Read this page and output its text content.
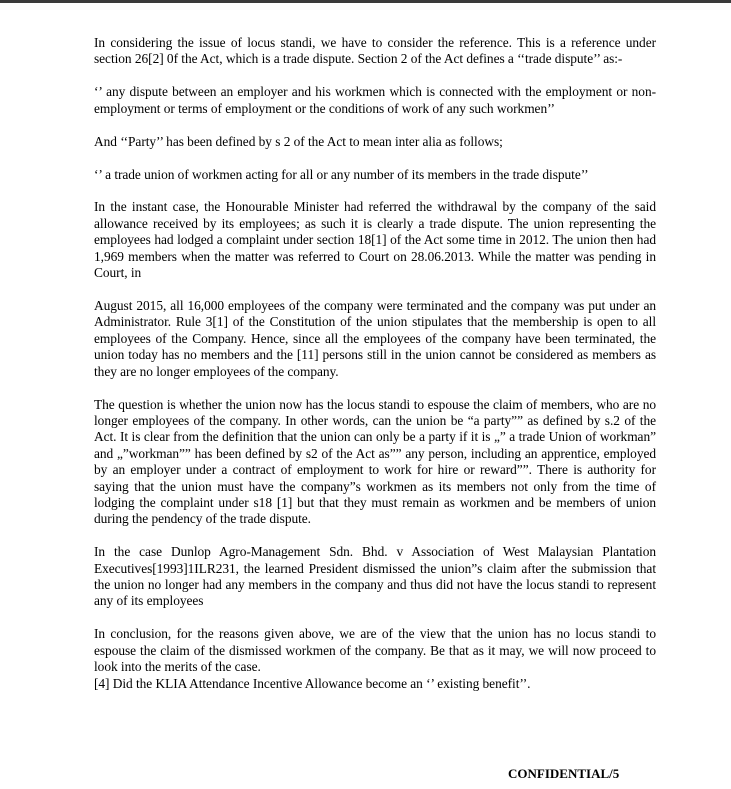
In considering the issue of locus standi, we have to consider the reference. This is a reference under section 26[2] 0f the Act, which is a trade dispute. Section 2 of the Act defines a ‘‘trade dispute’’ as:-

‘’ any dispute between an employer and his workmen which is connected with the employment or non-employment or terms of employment or the conditions of work of any such workmen’’

And ‘‘Party’’ has been defined by s 2 of the Act to mean inter alia as follows;

‘’ a trade union of workmen acting for all or any number of its members in the trade dispute’’

In the instant case, the Honourable Minister had referred the withdrawal by the company of the said allowance received by its employees; as such it is clearly a trade dispute. The union representing the employees had lodged a complaint under section 18[1] of the Act some time in 2012. The union then had 1,969 members when the matter was referred to Court on 28.06.2013. While the matter was pending in Court, in

August 2015, all 16,000 employees of the company were terminated and the company was put under an Administrator. Rule 3[1] of the Constitution of the union stipulates that the membership is open to all employees of the Company. Hence, since all the employees of the company have been terminated, the union today has no members and the [11] persons still in the union cannot be considered as members as they are no longer employees of the company.

The question is whether the union now has the locus standi to espouse the claim of members, who are no longer employees of the company. In other words, can the union be “a party”” as defined by s.2 of the Act. It is clear from the definition that the union can only be a party if it is „” a trade Union of workman” and „”workman”” has been defined by s2 of the Act as”” any person, including an apprentice, employed by an employer under a contract of employment to work for hire or reward””. There is authority for saying that the union must have the company”s workmen as its members not only from the time of lodging the complaint under s18 [1] but that they must remain as workmen and be members of union during the pendency of the trade dispute.

In the case Dunlop Agro-Management Sdn. Bhd. v Association of West Malaysian Plantation Executives[1993]1ILR231, the learned President dismissed the union”s claim after the submission that the union no longer had any members in the company and thus did not have the locus standi to represent any of its employees

In conclusion, for the reasons given above, we are of the view that the union has no locus standi to espouse the claim of the dismissed workmen of the company. Be that as it may, we will now proceed to look into the merits of the case.

[4] Did the KLIA Attendance Incentive Allowance become an ‘’ existing benefit’’.

CONFIDENTIAL/5
